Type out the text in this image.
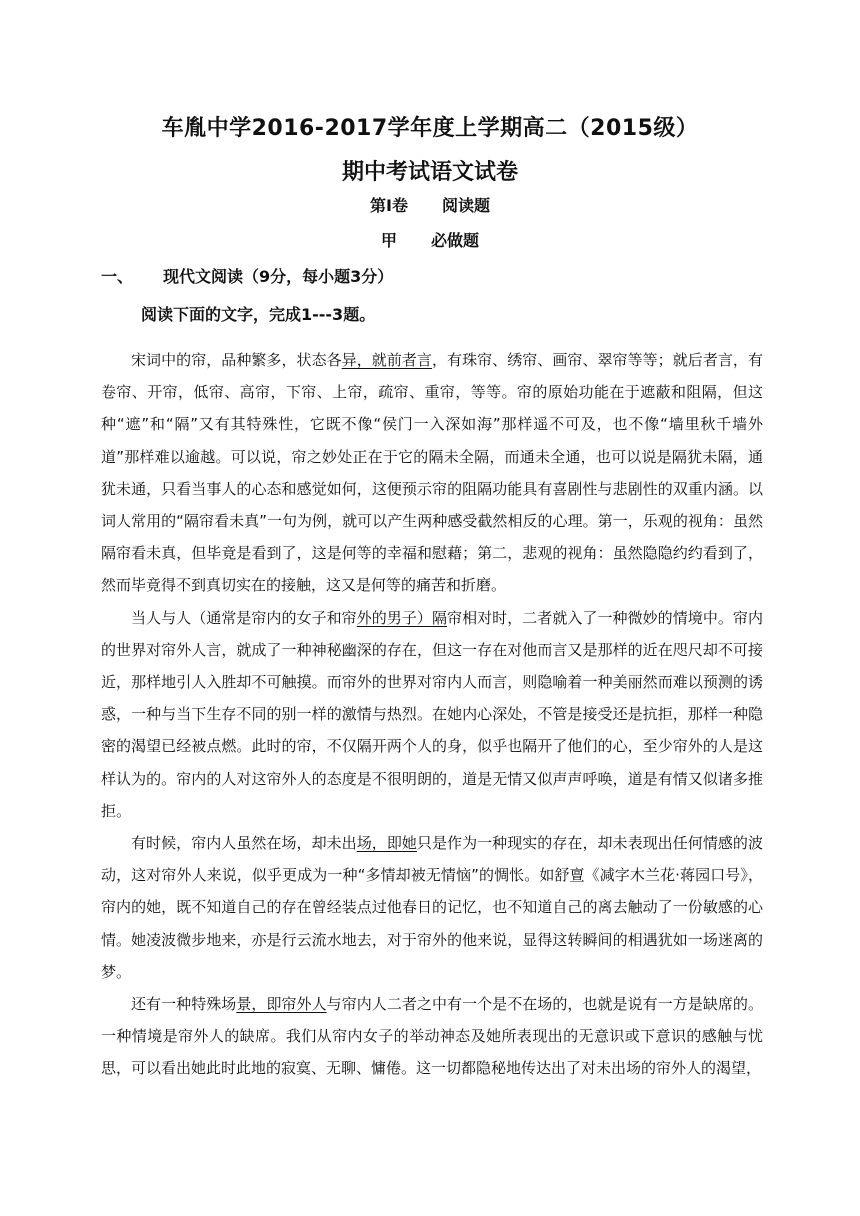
车胤中学2016-2017学年度上学期高二（2015级）
期中考试语文试卷
第Ⅰ卷 阅读题
甲 必做题
一、 现代文阅读（9分，每小题3分）
阅读下面的文字，完成1---3题。

宋词中的帘，品种繁多，状态各异，就前者言，有珠帘、绣帘、画帘、翠帘等等；就后者言，有卷帘、开帘，低帘、高帘，下帘、上帘，疏帘、重帘，等等。帘的原始功能在于遮蔽和阻隔，但这种“遮”和“隔”又有其特殊性，它既不像“侯门一入深如海”那样遥不可及，也不像“墙里秋千墙外道”那样难以逾越。可以说，帘之妙处正在于它的隔未全隔，而通未全通，也可以说是隔犹未隔，通犹未通，只看当事人的心态和感觉如何，这便预示帘的阻隔功能具有喜剧性与悲剧性的双重内涵。以词人常用的“隔帘看未真”一句为例，就可以产生两种感受截然相反的心理。第一，乐观的视角：虽然隔帘看未真，但毕竟是看到了，这是何等的幸福和慰藉；第二，悲观的视角：虽然隐隐约约看到了，然而毕竟得不到真切实在的接触，这又是何等的痛苦和折磨。

当人与人（通常是帘内的女子和帘外的男子）隔帘相对时，二者就入了一种微妙的情境中。帘内的世界对帘外人言，就成了一种神秘幽深的存在，但这一存在对他而言又是那样的近在咫尺却不可接近，那样地引人入胜却不可触摸。而帘外的世界对帘内人而言，则隐喻着一种美丽然而难以预测的诱惑，一种与当下生存不同的别一样的激情与热烈。在她内心深处，不管是接受还是抗拒，那样一种隐密的渴望已经被点燃。此时的帘，不仅隔开两个人的身，似乎也隔开了他们的心，至少帘外的人是这样认为的。帘内的人对这帘外人的态度是不很明朗的，道是无情又似声声呼唤，道是有情又似诸多推拒。

有时候，帘内人虽然在场，却未出场，即她只是作为一种现实的存在，却未表现出任何情感的波动，这对帘外人来说，似乎更成为一种“多情却被无情恼”的惆怅。如舒亶《减字木兰花·蒋园口号》，帘内的她，既不知道自己的存在曾经装点过他春日的记忆，也不知道自己的离去触动了一份敏感的心情。她凌波微步地来，亦是行云流水地去，对于帘外的他来说，显得这转瞬间的相遇犹如一场迷离的梦。

还有一种特殊场景，即帘外人与帘内人二者之中有一个是不在场的，也就是说有一方是缺席的。一种情境是帘外人的缺席。我们从帘内女子的举动神态及她所表现出的无意识或下意识的感触与忧思，可以看出她此时此地的寂寞、无聊、慵倦。这一切都隐秘地传达出了对未出场的帘外人的渴望，
